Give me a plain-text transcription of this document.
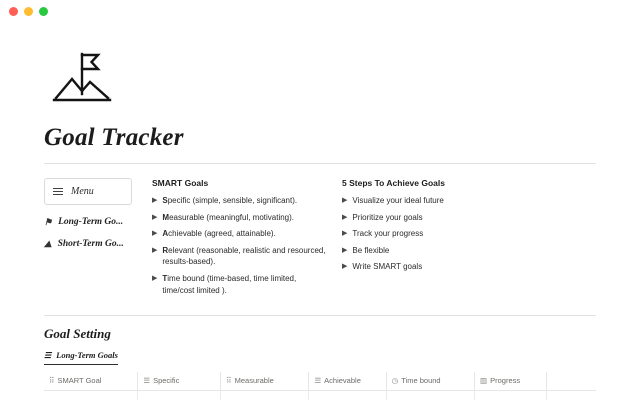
Goal Tracker
Menu
⚑ Long-Term Go...
⛰ Short-Term Go...
SMART Goals
▶ Specific (simple, sensible, significant).
▶ Measurable (meaningful, motivating).
▶ Achievable (agreed, attainable).
▶ Relevant (reasonable, realistic and resourced, results-based).
▶ Time bound (time-based, time limited, time/cost limited ).
5 Steps To Achieve Goals
▶ Visualize your ideal future
▶ Prioritize your goals
▶ Track your progress
▶ Be flexible
▶ Write SMART goals
Goal Setting
☰ Long-Term Goals
⠿ SMART Goal	☰ Specific	⠿ Measurable	☰ Achievable	◷ Time bound	▥ Progress	
